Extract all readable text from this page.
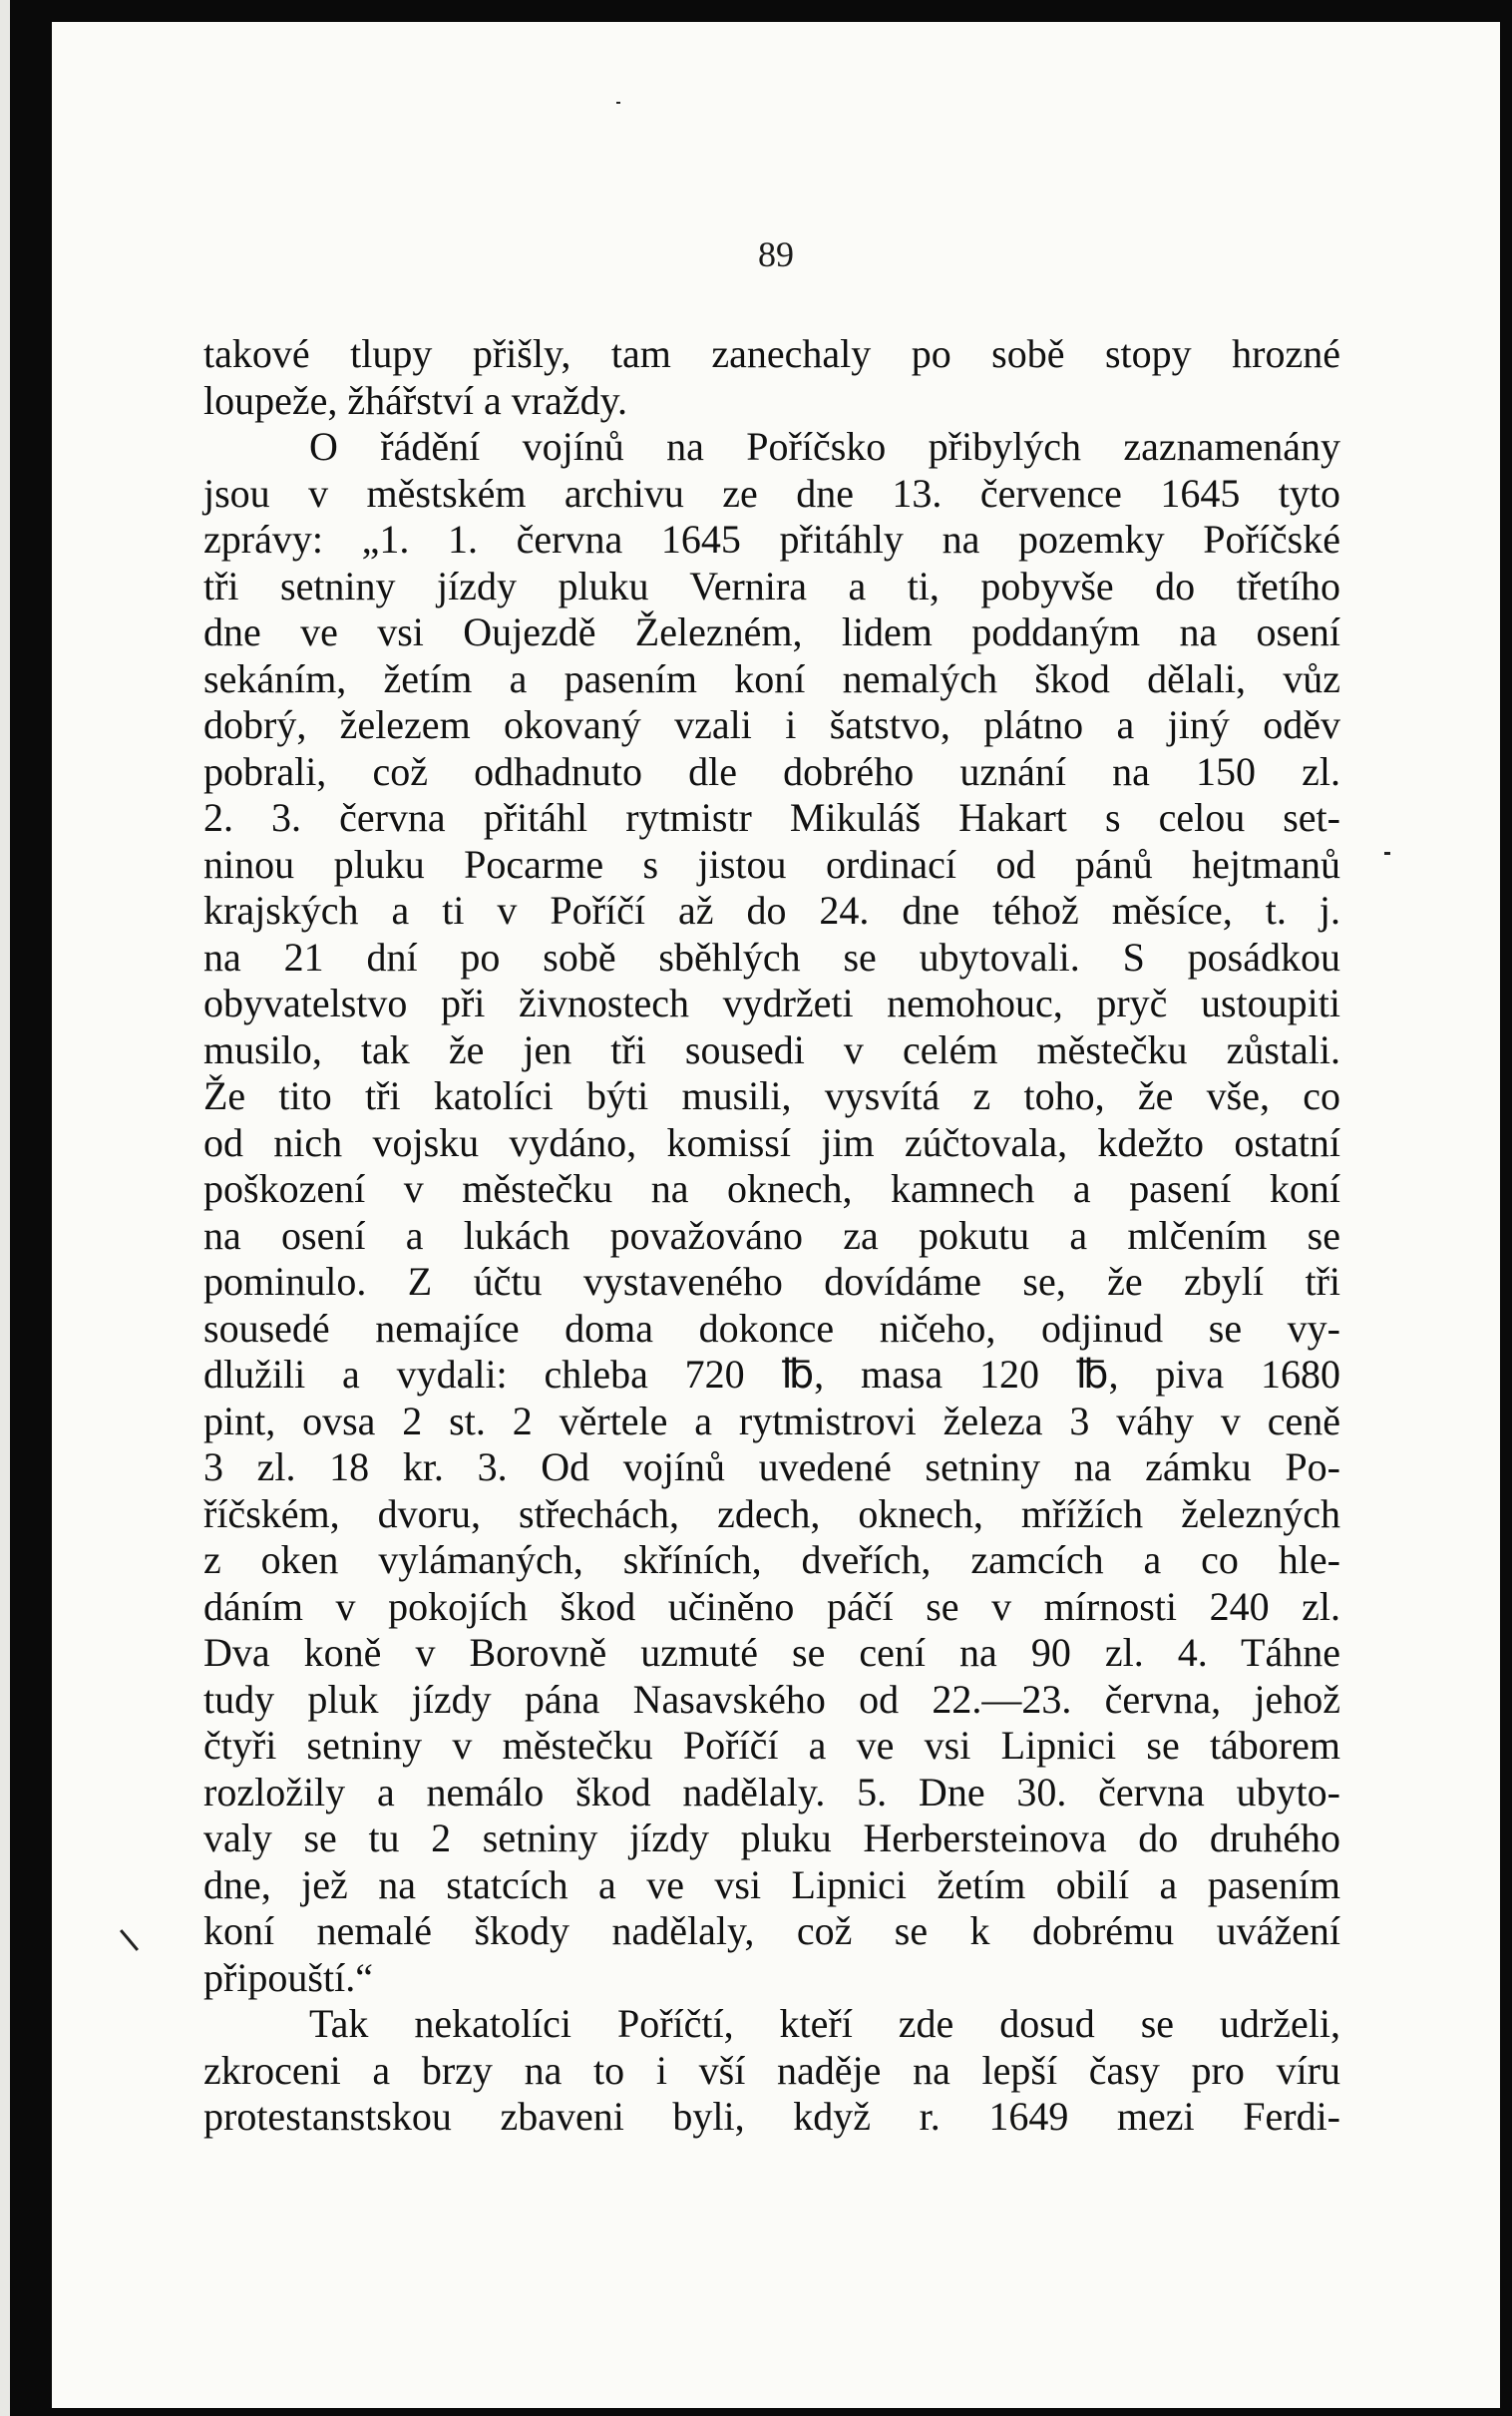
89

takové tlupy přišly, tam zanechaly po sobě stopy hrozné

loupeže, žhářství a vraždy.

O řádění vojínů na Poříčsko přibylých zaznamenány

jsou v městském archivu ze dne 13. července 1645 tyto

zprávy: „1. 1. června 1645 přitáhly na pozemky Poříčské

tři setniny jízdy pluku Vernira a ti, pobyvše do třetího

dne ve vsi Oujezdě Železném, lidem poddaným na osení

sekáním, žetím a pasením koní nemalých škod dělali, vůz

dobrý, železem okovaný vzali i šatstvo, plátno a jiný oděv

pobrali, což odhadnuto dle dobrého uznání na 150 zl.

2. 3. června přitáhl rytmistr Mikuláš Hakart s celou set-

ninou pluku Pocarme s jistou ordinací od pánů hejtmanů

krajských a ti v Poříčí až do 24. dne téhož měsíce, t. j.

na 21 dní po sobě sběhlých se ubytovali. S posádkou

obyvatelstvo při živnostech vydržeti nemohouc, pryč ustoupiti

musilo, tak že jen tři sousedi v celém městečku zůstali.

Že tito tři katolíci býti musili, vysvítá z toho, že vše, co

od nich vojsku vydáno, komissí jim zúčtovala, kdežto ostatní

poškození v městečku na oknech, kamnech a pasení koní

na osení a lukách považováno za pokutu a mlčením se

pominulo. Z účtu vystaveného dovídáme se, že zbylí tři

sousedé nemajíce doma dokonce ničeho, odjinud se vy-

dlužili a vydali: chleba 720 ℔, masa 120 ℔, piva 1680

pint, ovsa 2 st. 2 věrtele a rytmistrovi železa 3 váhy v ceně

3 zl. 18 kr. 3. Od vojínů uvedené setniny na zámku Po-

říčském, dvoru, střechách, zdech, oknech, mřížích železných

z oken vylámaných, skříních, dveřích, zamcích a co hle-

dáním v pokojích škod učiněno páčí se v mírnosti 240 zl.

Dva koně v Borovně uzmuté se cení na 90 zl. 4. Táhne

tudy pluk jízdy pána Nasavského od 22.—23. června, jehož

čtyři setniny v městečku Poříčí a ve vsi Lipnici se táborem

rozložily a nemálo škod nadělaly. 5. Dne 30. června ubyto-

valy se tu 2 setniny jízdy pluku Herbersteinova do druhého

dne, jež na statcích a ve vsi Lipnici žetím obilí a pasením

koní nemalé škody nadělaly, což se k dobrému uvážení

připouští.“

Tak nekatolíci Poříčtí, kteří zde dosud se udrželi,

zkroceni a brzy na to i vší naděje na lepší časy pro víru

protestanstskou zbaveni byli, když r. 1649 mezi Ferdi-
